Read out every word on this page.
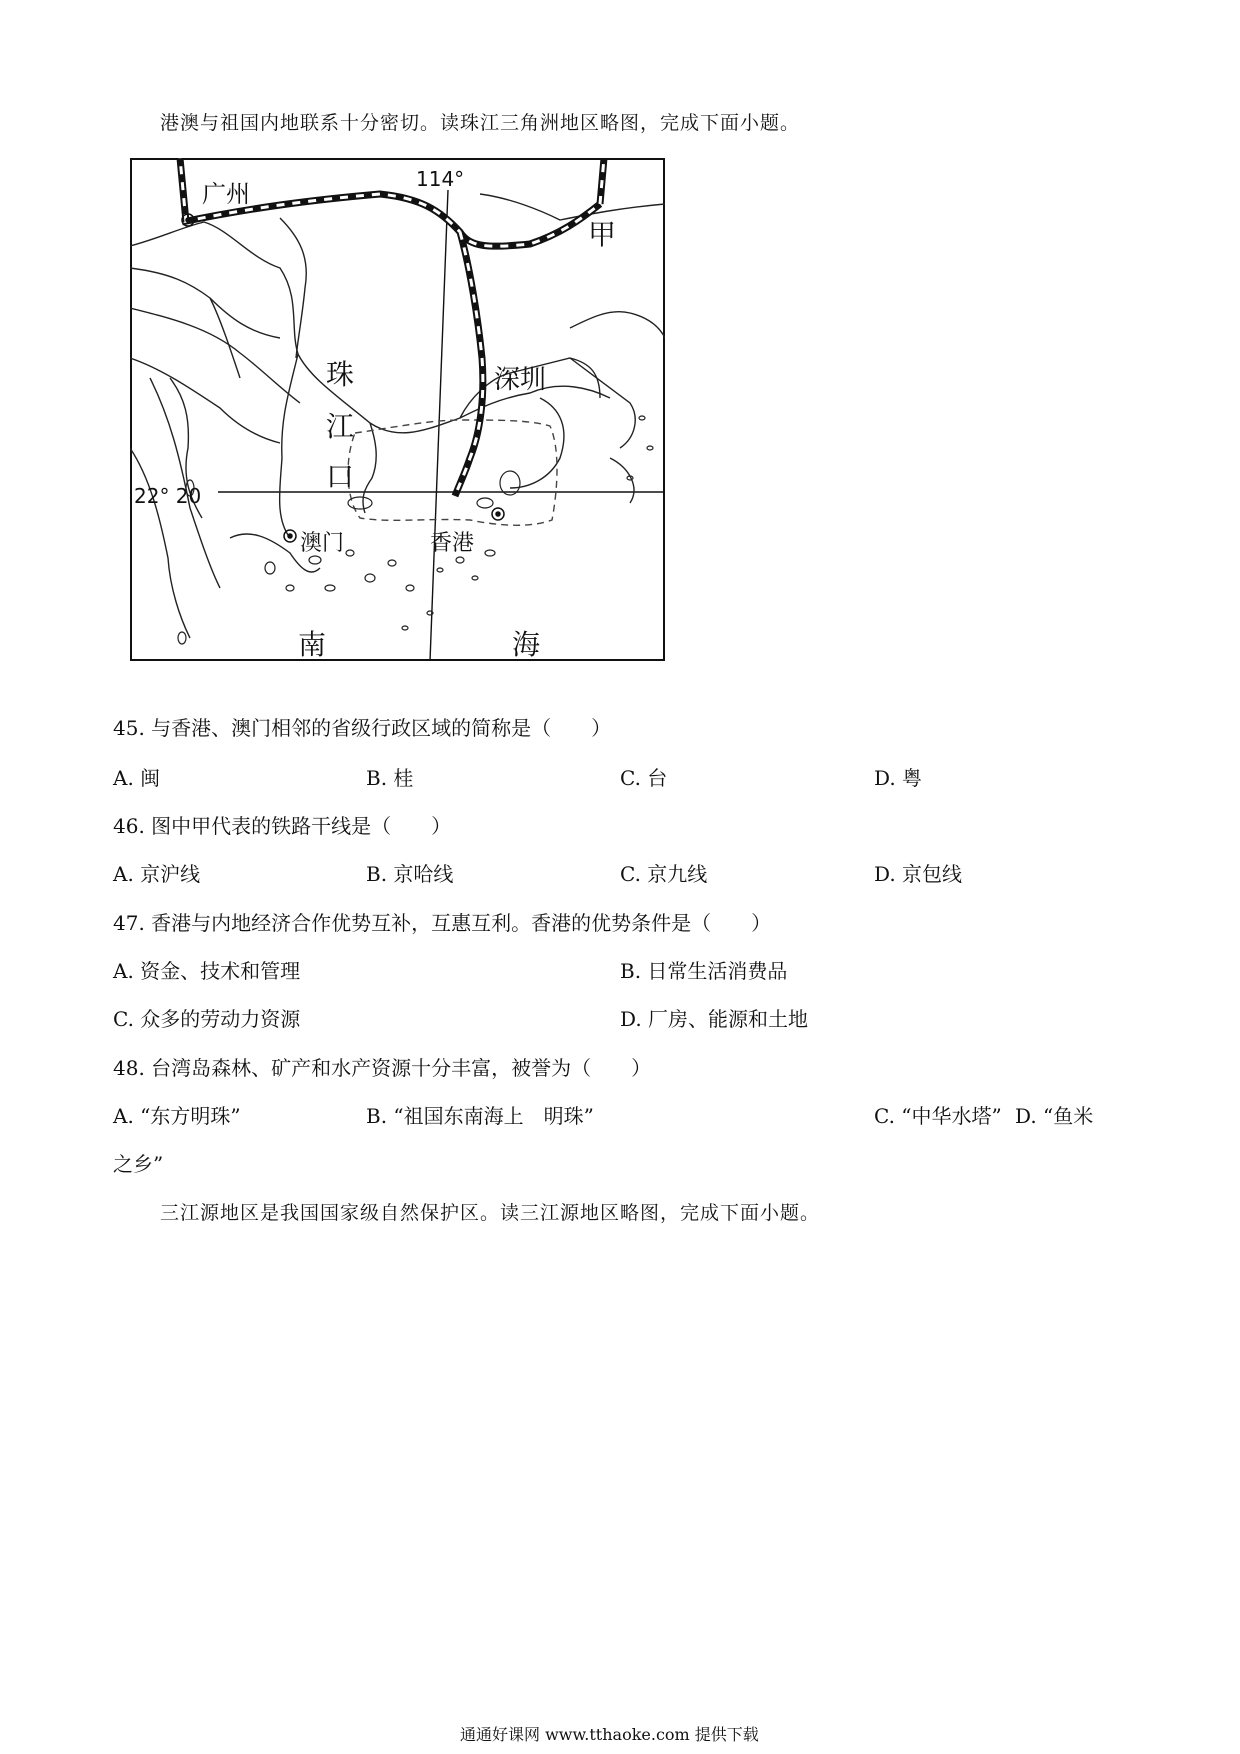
港澳与祖国内地联系十分密切。读珠江三角洲地区略图，完成下面小题。
广州
114°
甲
深圳
珠
江
口
22° 20
澳门	香港
南	海
45. 与香港、澳门相邻的省级行政区域的简称是（　　）
A. 闽	B. 桂	C. 台	D. 粤
46. 图中甲代表的铁路干线是（　　）
A. 京沪线	B. 京哈线	C. 京九线	D. 京包线
47. 香港与内地经济合作优势互补，互惠互利。香港的优势条件是（　　）
A. 资金、技术和管理	B. 日常生活消费品
C. 众多的劳动力资源	D. 厂房、能源和土地
48. 台湾岛森林、矿产和水产资源十分丰富，被誉为（　　）
A. “东方明珠”	B. “祖国东南海上　明珠”	C. “中华水塔” D. “鱼米
之乡”
三江源地区是我国国家级自然保护区。读三江源地区略图，完成下面小题。
通通好课网 www.tthaoke.com 提供下载
